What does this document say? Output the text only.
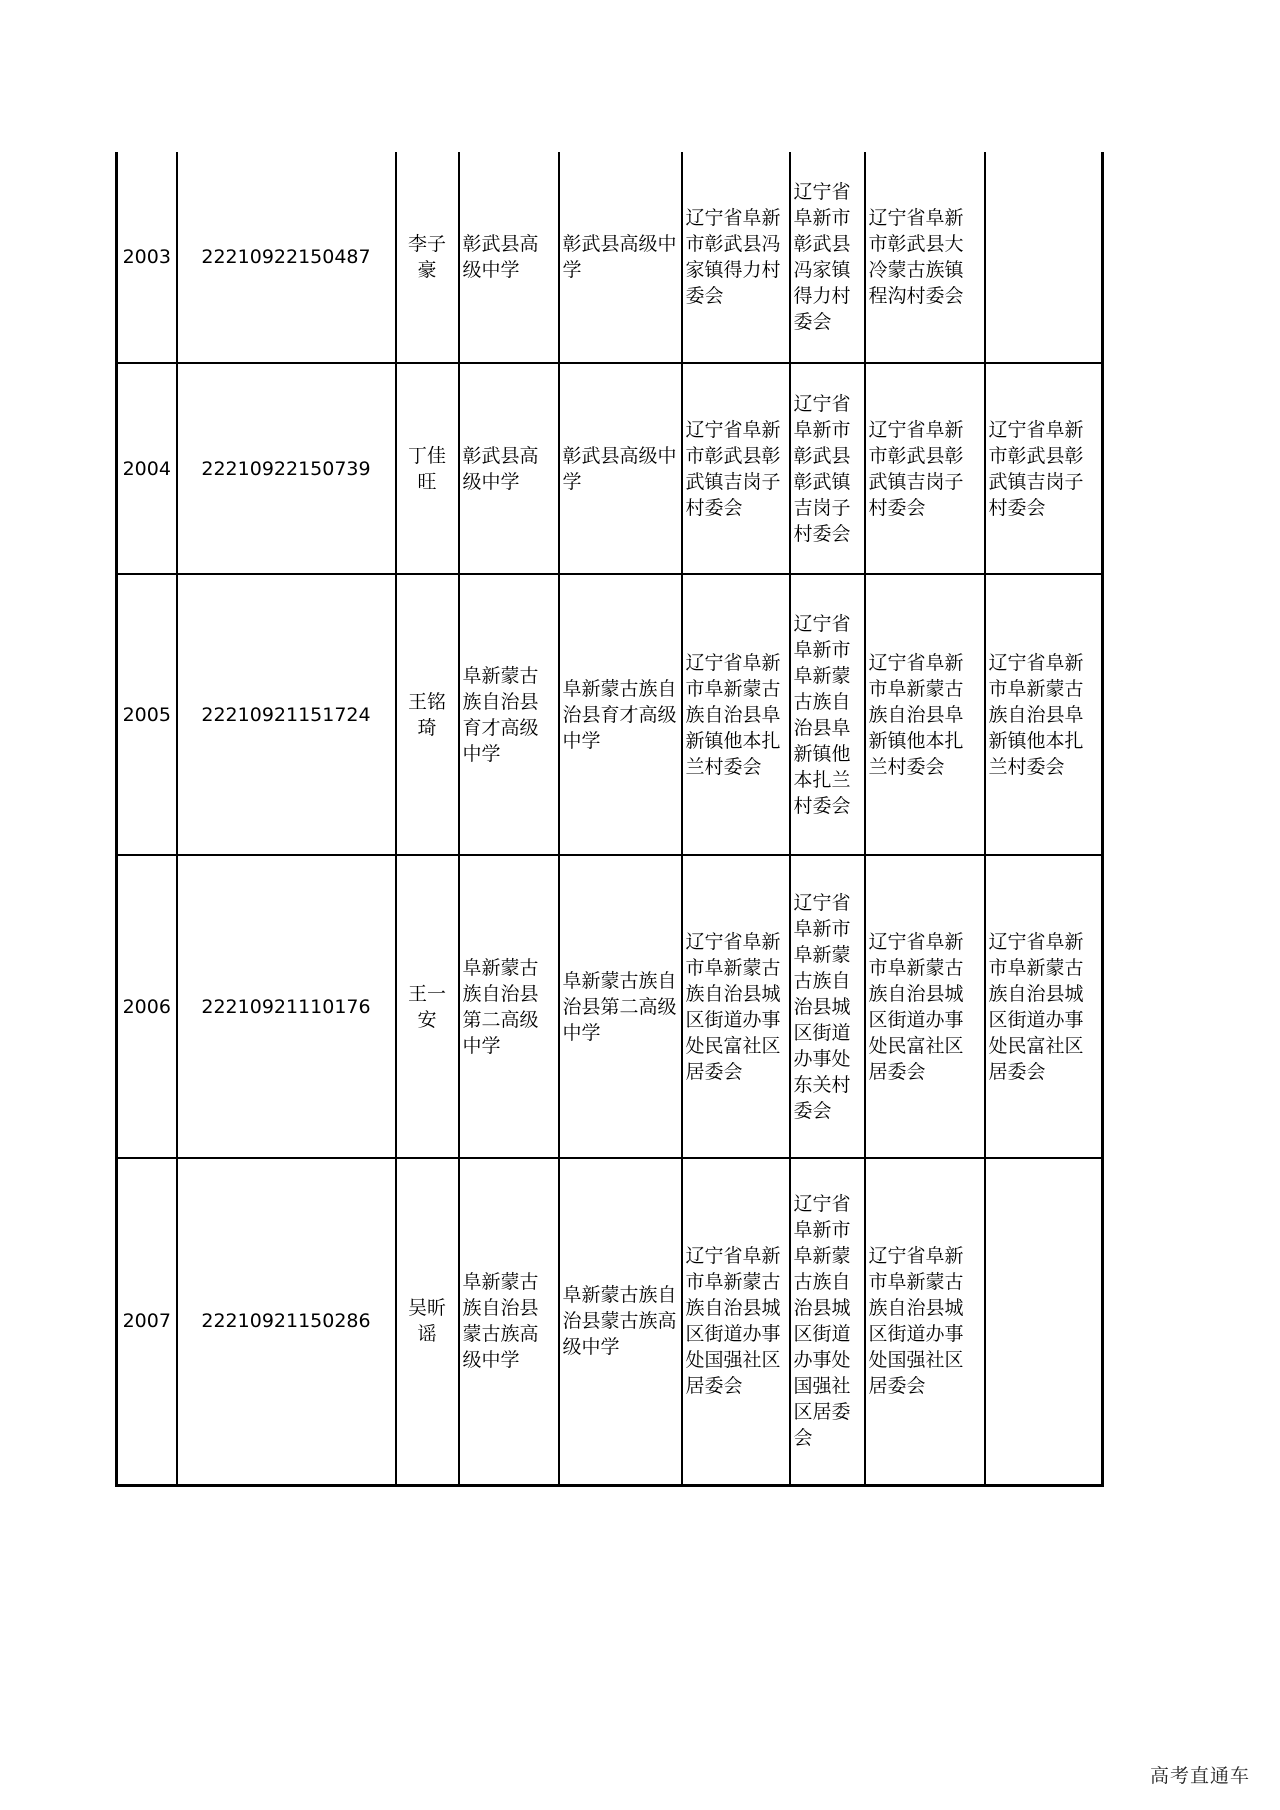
2003	22210922150487	李子豪	彰武县高级中学	彰武县高级中学	辽宁省阜新市彰武县冯家镇得力村委会	辽宁省阜新市彰武县冯家镇得力村委会	辽宁省阜新市彰武县大冷蒙古族镇程沟村委会	
2004	22210922150739	丁佳旺	彰武县高级中学	彰武县高级中学	辽宁省阜新市彰武县彰武镇吉岗子村委会	辽宁省阜新市彰武县彰武镇吉岗子村委会	辽宁省阜新市彰武县彰武镇吉岗子村委会	辽宁省阜新市彰武县彰武镇吉岗子村委会
2005	22210921151724	王铭琦	阜新蒙古族自治县育才高级中学	阜新蒙古族自治县育才高级中学	辽宁省阜新市阜新蒙古族自治县阜新镇他本扎兰村委会	辽宁省阜新市阜新蒙古族自治县阜新镇他本扎兰村委会	辽宁省阜新市阜新蒙古族自治县阜新镇他本扎兰村委会	辽宁省阜新市阜新蒙古族自治县阜新镇他本扎兰村委会
2006	22210921110176	王一安	阜新蒙古族自治县第二高级中学	阜新蒙古族自治县第二高级中学	辽宁省阜新市阜新蒙古族自治县城区街道办事处民富社区居委会	辽宁省阜新市阜新蒙古族自治县城区街道办事处东关村委会	辽宁省阜新市阜新蒙古族自治县城区街道办事处民富社区居委会	辽宁省阜新市阜新蒙古族自治县城区街道办事处民富社区居委会
2007	22210921150286	吴昕谣	阜新蒙古族自治县蒙古族高级中学	阜新蒙古族自治县蒙古族高级中学	辽宁省阜新市阜新蒙古族自治县城区街道办事处国强社区居委会	辽宁省阜新市阜新蒙古族自治县城区街道办事处国强社区居委会	辽宁省阜新市阜新蒙古族自治县城区街道办事处国强社区居委会	
高考直通车
